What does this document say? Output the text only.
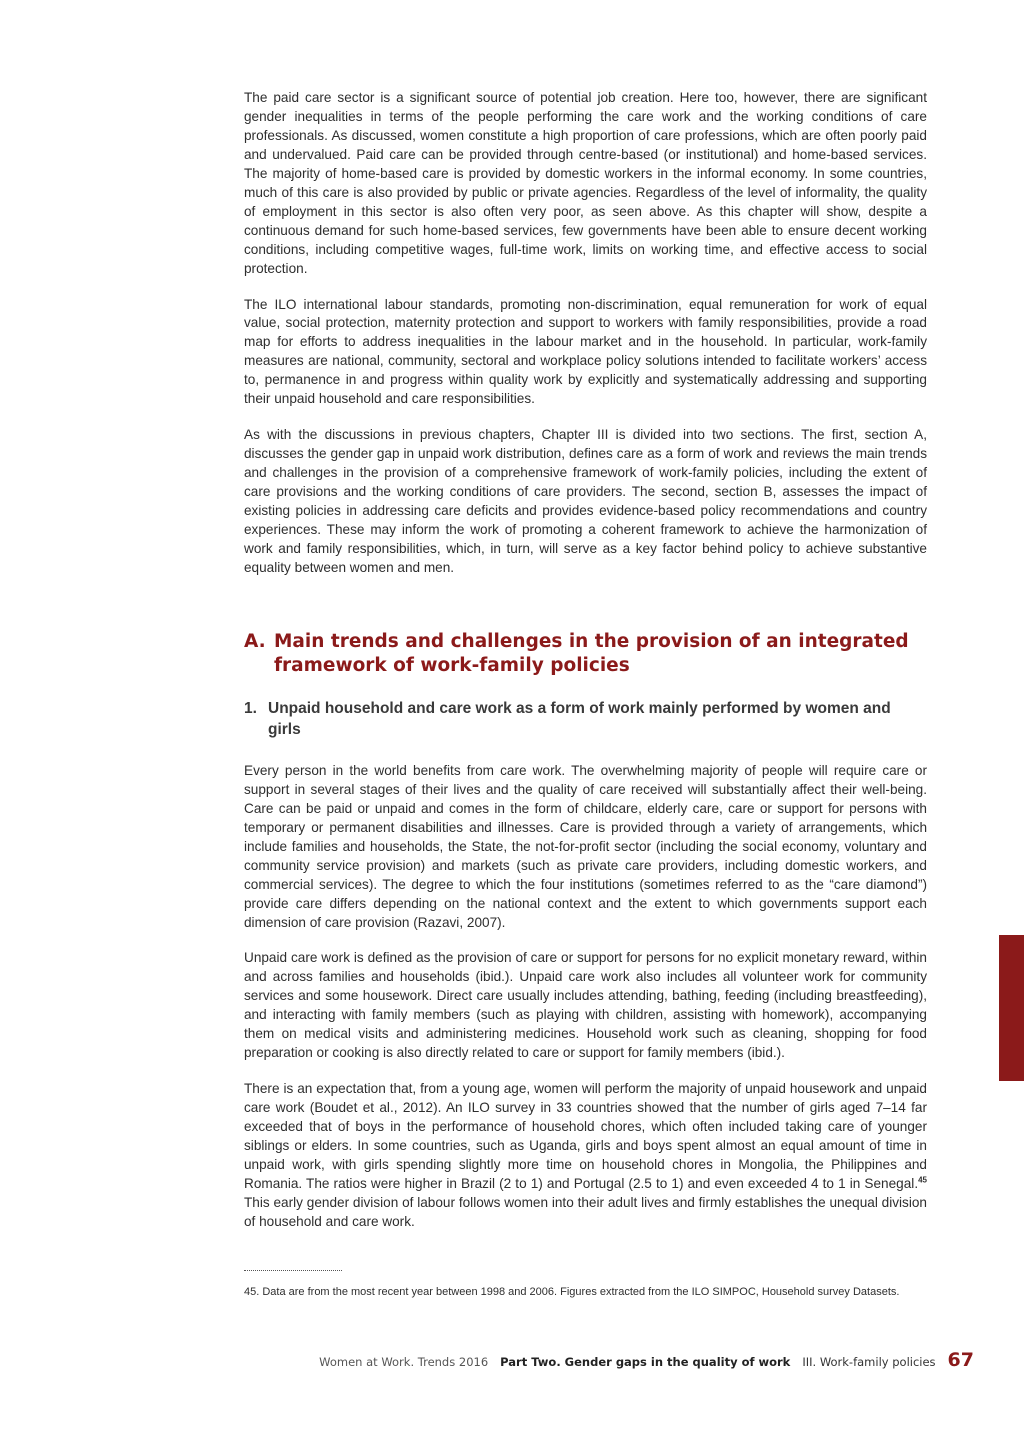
The paid care sector is a significant source of potential job creation. Here too, however, there are significant gender inequalities in terms of the people performing the care work and the working conditions of care professionals. As discussed, women constitute a high proportion of care professions, which are often poorly paid and undervalued. Paid care can be provided through centre-based (or institutional) and home-based services. The majority of home-based care is provided by domestic workers in the informal economy. In some countries, much of this care is also provided by public or private agencies. Regardless of the level of informality, the quality of employment in this sector is also often very poor, as seen above. As this chapter will show, despite a continuous demand for such home-based services, few governments have been able to ensure decent working conditions, including competitive wages, full-time work, limits on working time, and effective access to social protection.

The ILO international labour standards, promoting non-discrimination, equal remuneration for work of equal value, social protection, maternity protection and support to workers with family responsibilities, provide a road map for efforts to address inequalities in the labour market and in the household. In particular, work-family measures are national, community, sectoral and workplace policy solutions intended to facilitate workers’ access to, permanence in and progress within quality work by explicitly and systematically addressing and supporting their unpaid household and care responsibilities.

As with the discussions in previous chapters, Chapter III is divided into two sections. The first, section A, discusses the gender gap in unpaid work distribution, defines care as a form of work and reviews the main trends and challenges in the provision of a comprehensive framework of work-family policies, including the extent of care provisions and the working conditions of care providers. The second, section B, assesses the impact of existing policies in addressing care deficits and provides evidence-based policy recommendations and country experiences. These may inform the work of promoting a coherent framework to achieve the harmonization of work and family responsibilities, which, in turn, will serve as a key factor behind policy to achieve substantive equality between women and men.

A. Main trends and challenges in the provision of an integrated framework of work-family policies
1. Unpaid household and care work as a form of work mainly performed by women and girls

Every person in the world benefits from care work. The overwhelming majority of people will require care or support in several stages of their lives and the quality of care received will substantially affect their well-being. Care can be paid or unpaid and comes in the form of childcare, elderly care, care or support for persons with temporary or permanent disabilities and illnesses. Care is provided through a variety of arrangements, which include families and households, the State, the not-for-profit sector (including the social economy, voluntary and community service provision) and markets (such as private care providers, including domestic workers, and commercial services). The degree to which the four institutions (sometimes referred to as the “care diamond”) provide care differs depending on the national context and the extent to which governments support each dimension of care provision (Razavi, 2007).

Unpaid care work is defined as the provision of care or support for persons for no explicit monetary reward, within and across families and households (ibid.). Unpaid care work also includes all volunteer work for community services and some housework. Direct care usually includes attending, bathing, feeding (including breastfeeding), and interacting with family members (such as playing with children, assisting with homework), accompanying them on medical visits and administering medicines. Household work such as cleaning, shopping for food preparation or cooking is also directly related to care or support for family members (ibid.).

There is an expectation that, from a young age, women will perform the majority of unpaid housework and unpaid care work (Boudet et al., 2012). An ILO survey in 33 countries showed that the number of girls aged 7–14 far exceeded that of boys in the performance of household chores, which often included taking care of younger siblings or elders. In some countries, such as Uganda, girls and boys spent almost an equal amount of time in unpaid work, with girls spending slightly more time on household chores in Mongolia, the Philippines and Romania. The ratios were higher in Brazil (2 to 1) and Portugal (2.5 to 1) and even exceeded 4 to 1 in Senegal.$^{45}$ This early gender division of labour follows women into their adult lives and firmly establishes the unequal division of household and care work.

45. Data are from the most recent year between 1998 and 2006. Figures extracted from the ILO SIMPOC, Household survey Datasets.

Women at Work. Trends 2016 Part Two. Gender gaps in the quality of work III. Work-family policies 67
